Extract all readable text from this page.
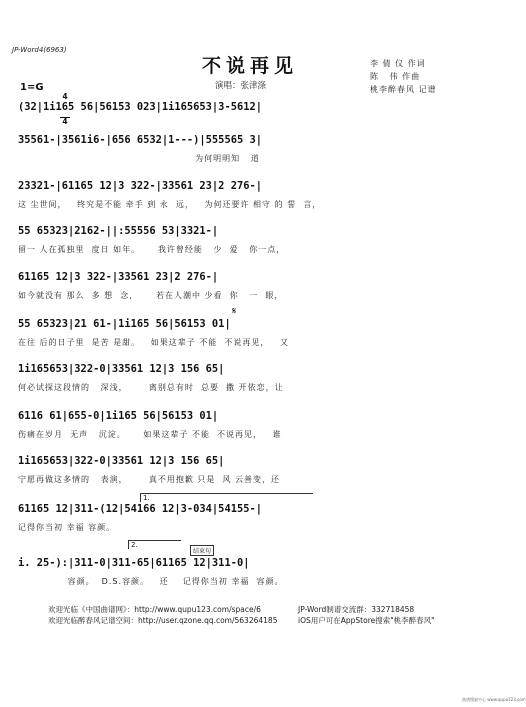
JP-Word4(6963)
不说再见	李 倩 仪 作词
陈   伟 作曲
桃李醉春风 记谱
1=G

4

4

演唱：张津涤
(32|1i165 56|56153 023|1i165653|3-5612|
35561-|3561i6-|656 6532|1---)|555565 3|
为何明明知   道
23321-|61165 12|3 322-|33561 23|2 276-|
这 尘世间，   终究是不能 牵手 到 永  远，   为何还要许 相守 的 誓  言，
55 65323|2162-||:55556 53|3321-|
留一 人在孤独里  度日 如年。     我许曾经能   少  爱   你一点，
61165 12|3 322-|33561 23|2 276-|
如今就没有 那么  多 想  念，     若在人潮中 少看  你   一  眼，
𝄋
55 65323|21 61-|1i165 56|56153 01|
在往 后的日子里  是苦 是甜。   如果这辈子 不能  不说再见，   又
1i165653|322-0|33561 12|3 156 65|
何必试探这段情的   深浅，      离别总有时  总要  撒 开依恋，让
6116 61|655-0|1i165 56|56153 01|
伤痛在岁月  无声   沉淀。     如果这辈子 不能  不说再见，   谁
1i165653|322-0|33561 12|3 156 65|
宁愿再做这多情的   表演，      真不用抱歉 只是  风 云善变，还
1.
61165 12|311-(12|54166 12|3-034|54155-|
记得你当初 幸福 容颜。
2.
结束句
i. 25-):|311-0|311-65|61165 12|311-0|
容颜。  D.S.容颜。   还    记得你当初 幸福  容颜。
欢迎光临《中国曲谱网》：http://www.qupu123.com/space/6
欢迎光临醉春风记谱空间：http://user.qzone.qq.com/563264185
JP-Word制谱交流群：332718458
iOS用户可在AppStore搜索"桃李醉春风"
曲谱搜索中心 www.qupu123.com
